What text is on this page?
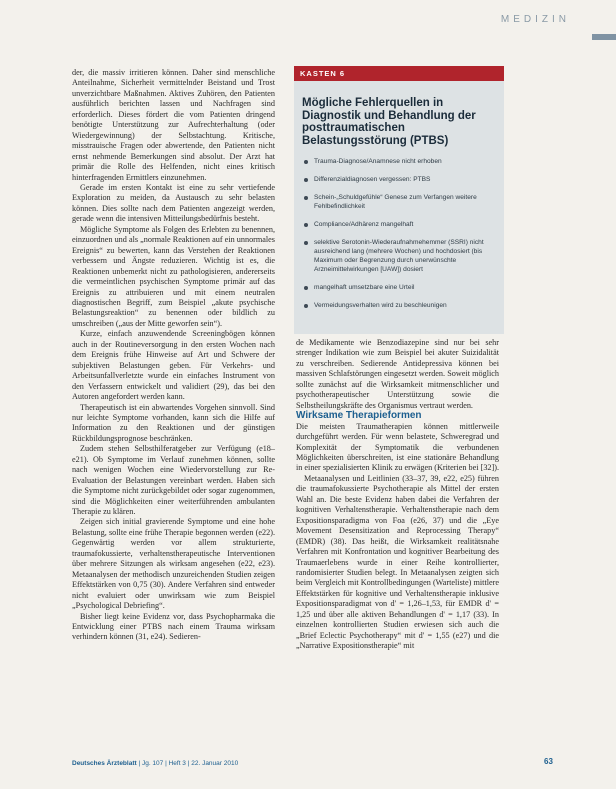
MEDIZIN

der, die massiv irritieren können. Daher sind menschliche Anteilnahme, Sicherheit vermittelnder Beistand und Trost unverzichtbare Maßnahmen. Aktives Zuhören, den Patienten ausführlich berichten lassen und Nachfragen sind erforderlich. Dieses fördert die vom Patienten dringend benötigte Unterstützung zur Aufrechterhaltung (oder Wiedergewinnung) der Selbstachtung. Kritische, misstrauische Fragen oder abwertende, den Patienten nicht ernst nehmende Bemerkungen sind absolut. Der Arzt hat primär die Rolle des Helfenden, nicht eines kritisch hinterfragenden Ermittlers einzunehmen.

Gerade im ersten Kontakt ist eine zu sehr vertiefende Exploration zu meiden, da Austausch zu sehr belasten können. Dies sollte nach dem Patienten angezeigt werden, gerade wenn die intensiven Mitteilungsbedürfnis besteht.

Mögliche Symptome als Folgen des Erlebten zu benennen, einzuordnen und als „normale Reaktionen auf ein unnormales Ereignis“ zu bewerten, kann das Verstehen der Reaktionen verbessern und Ängste reduzieren. Wichtig ist es, die Reaktionen unbemerkt nicht zu pathologisieren, andererseits die vermeintlichen psychischen Symptome primär auf das Ereignis zu attribuieren und mit einem neutralen diagnostischen Begriff, zum Beispiel „akute psychische Belastungsreaktion“ zu benennen oder bildlich zu umschreiben („aus der Mitte geworfen sein“).

Kurze, einfach anzuwendende Screeningbögen können auch in der Routineversorgung in den ersten Wochen nach dem Ereignis frühe Hinweise auf Art und Schwere der subjektiven Belastungen geben. Für Verkehrs- und Arbeitsunfallverletzte wurde ein einfaches Instrument von den Verfassern entwickelt und validiert (29), das bei den Autoren angefordert werden kann.

Therapeutisch ist ein abwartendes Vorgehen sinnvoll. Sind nur leichte Symptome vorhanden, kann sich die Hilfe auf Information zu den Reaktionen und der günstigen Rückbildungsprognose beschränken.

Zudem stehen Selbsthilferatgeber zur Verfügung (e18–e21). Ob Symptome im Verlauf zunehmen können, sollte nach wenigen Wochen eine Wiedervorstellung zur Re-Evaluation der Belastungen vereinbart werden. Haben sich die Symptome nicht zurückgebildet oder sogar zugenommen, sind die Möglichkeiten einer weiterführenden ambulanten Therapie zu klären.

Zeigen sich initial gravierende Symptome und eine hohe Belastung, sollte eine frühe Therapie begonnen werden (e22). Gegenwärtig werden vor allem strukturierte, traumafokussierte, verhaltenstherapeutische Interventionen über mehrere Sitzungen als wirksam angesehen (e22, e23). Metaanalysen der methodisch unzureichenden Studien zeigen Effektstärken von 0,75 (30). Andere Verfahren sind entweder nicht evaluiert oder unwirksam wie zum Beispiel „Psychological Debriefing“.

Bisher liegt keine Evidenz vor, dass Psychopharmaka die Entwicklung einer PTBS nach einem Trauma wirksam verhindern können (31, e24). Sedieren-

KASTEN 6
Mögliche Fehlerquellen in Diagnostik und Behandlung der posttraumatischen Belastungsstörung (PTBS)
Trauma-Diagnose/Anamnese nicht erhoben
Differenzialdiagnosen vergessen: PTBS
Schein-„Schuldgefühle“ Genese zum Verfangen weitere Fehlbefindlichkeit
Compliance/Adhärenz mangelhaft
selektive Serotonin-Wiederaufnahmehemmer (SSRI) nicht ausreichend lang (mehrere Wochen) und hochdosiert (bis Maximum oder Begrenzung durch unerwünschte Arzneimittelwirkungen [UAW]) dosiert
mangelhaft umsetzbare eine Urteil
Vermeidungsverhalten wird zu beschleunigen

de Medikamente wie Benzodiazepine sind nur bei sehr strenger Indikation wie zum Beispiel bei akuter Suizidalität zu verschreiben. Sedierende Antidepressiva können bei massiven Schlafstörungen eingesetzt werden. Soweit möglich sollte zunächst auf die Wirksamkeit mitmenschlicher und psychotherapeutischer Unterstützung sowie die Selbstheilungskräfte des Organismus vertraut werden.

Wirksame Therapieformen

Die meisten Traumatherapien können mittlerweile durchgeführt werden. Für wenn belastete, Schweregrad und Komplexität der Symptomatik die verbundenen Möglichkeiten überschreiten, ist eine stationäre Behandlung in einer spezialisierten Klinik zu erwägen (Kriterien bei [32]).

Metaanalysen und Leitlinien (33–37, 39, e22, e25) führen die traumafokussierte Psychotherapie als Mittel der ersten Wahl an. Die beste Evidenz haben dabei die Verfahren der kognitiven Verhaltenstherapie. Verhaltenstherapie nach dem Expositionsparadigma von Foa (e26, 37) und die „Eye Movement Desensitization and Reprocessing Therapy“ (EMDR) (38). Das heißt, die Wirksamkeit realitätsnahe Verfahren mit Konfrontation und kognitiver Bearbeitung des Traumaerlebens wurde in einer Reihe kontrollierter, randomisierter Studien belegt. In Metaanalysen zeigten sich beim Vergleich mit Kontrollbedingungen (Warteliste) mittlere Effektstärken für kognitive und Verhaltenstherapie inklusive Expositionsparadigmat von d' = 1,26–1,53, für EMDR d' = 1,25 und über alle aktiven Behandlungen d' = 1,17 (33). In einzelnen kontrollierten Studien erwiesen sich auch die „Brief Eclectic Psychotherapy“ mit d' = 1,55 (e27) und die „Narrative Expositionstherapie“ mit

Deutsches Ärzteblatt | Jg. 107 | Heft 3 | 22. Januar 2010	63
